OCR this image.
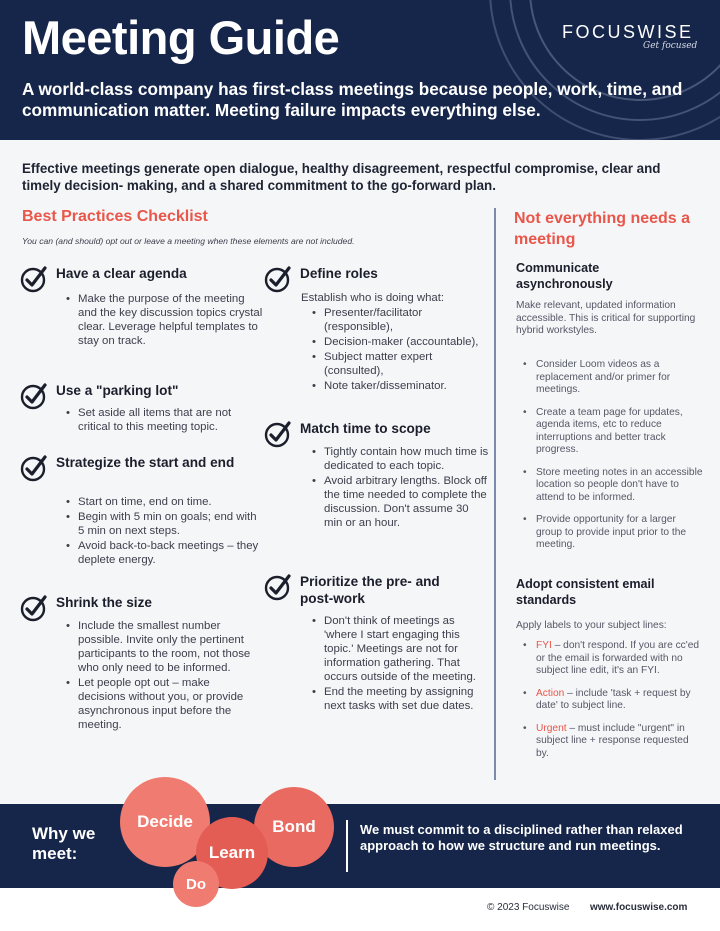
Meeting Guide
A world-class company has first-class meetings because people, work, time, and communication matter. Meeting failure impacts everything else.
FOCUSWISE
Get focused
Effective meetings generate open dialogue, healthy disagreement, respectful compromise, clear and timely decision- making, and a shared commitment to the go-forward plan.
Best Practices Checklist
You can (and should) opt out or leave a meeting when these elements are not included.
Have a clear agenda
• Make the purpose of the meeting and the key discussion topics crystal clear. Leverage helpful templates to stay on track.
Use a "parking lot"
• Set aside all items that are not critical to this meeting topic.
Strategize the start and end
• Start on time, end on time.
• Begin with 5 min on goals; end with 5 min on next steps.
• Avoid back-to-back meetings – they deplete energy.
Shrink the size
• Include the smallest number possible. Invite only the pertinent participants to the room, not those who only need to be informed.
• Let people opt out – make decisions without you, or provide asynchronous input before the meeting.
Define roles
Establish who is doing what:
• Presenter/facilitator (responsible),
• Decision-maker (accountable),
• Subject matter expert (consulted),
• Note taker/disseminator.
Match time to scope
• Tightly contain how much time is dedicated to each topic.
• Avoid arbitrary lengths. Block off the time needed to complete the discussion. Don't assume 30 min or an hour.
Prioritize the pre- and post-work
• Don't think of meetings as 'where I start engaging this topic.' Meetings are not for information gathering. That occurs outside of the meeting.
• End the meeting by assigning next tasks with set due dates.
Not everything needs a meeting
Communicate asynchronously
Make relevant, updated information accessible. This is critical for supporting hybrid workstyles.
• Consider Loom videos as a replacement and/or primer for meetings.
• Create a team page for updates, agenda items, etc to reduce interruptions and better track progress.
• Store meeting notes in an accessible location so people don't have to attend to be informed.
• Provide opportunity for a larger group to provide input prior to the meeting.
Adopt consistent email standards
Apply labels to your subject lines:
• FYI – don't respond. If you are cc'ed or the email is forwarded with no subject line edit, it's an FYI.
• Action – include 'task + request by date' to subject line.
• Urgent – must include "urgent" in subject line + response requested by.
Why we meet:
Decide	Bond
Learn
Do
We must commit to a disciplined rather than relaxed approach to how we structure and run meetings.
© 2023 Focuswise www.focuswise.com
